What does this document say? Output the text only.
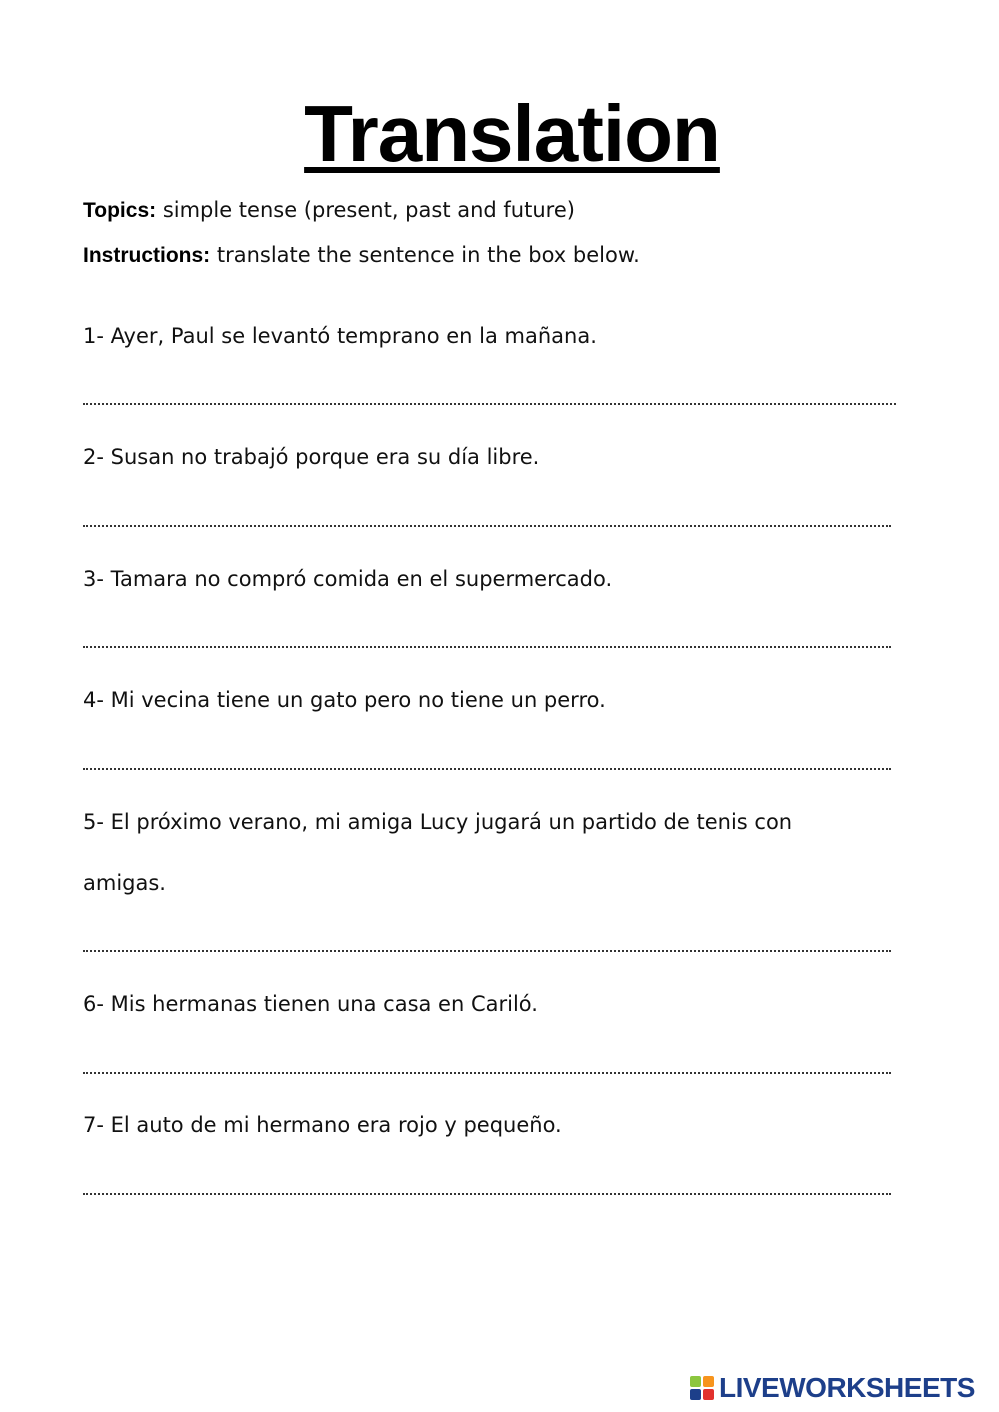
Translation
Topics: simple tense (present, past and future)
Instructions: translate the sentence in the box below.
1- Ayer, Paul se levantó temprano en la mañana.
2- Susan no trabajó porque era su día libre.
3- Tamara no compró comida en el supermercado.
4- Mi vecina tiene un gato pero no tiene un perro.
5- El próximo verano, mi amiga Lucy jugará un partido de tenis con
amigas.
6- Mis hermanas tienen una casa en Cariló.
7- El auto de mi hermano era rojo y pequeño.
LIVEWORKSHEETS
